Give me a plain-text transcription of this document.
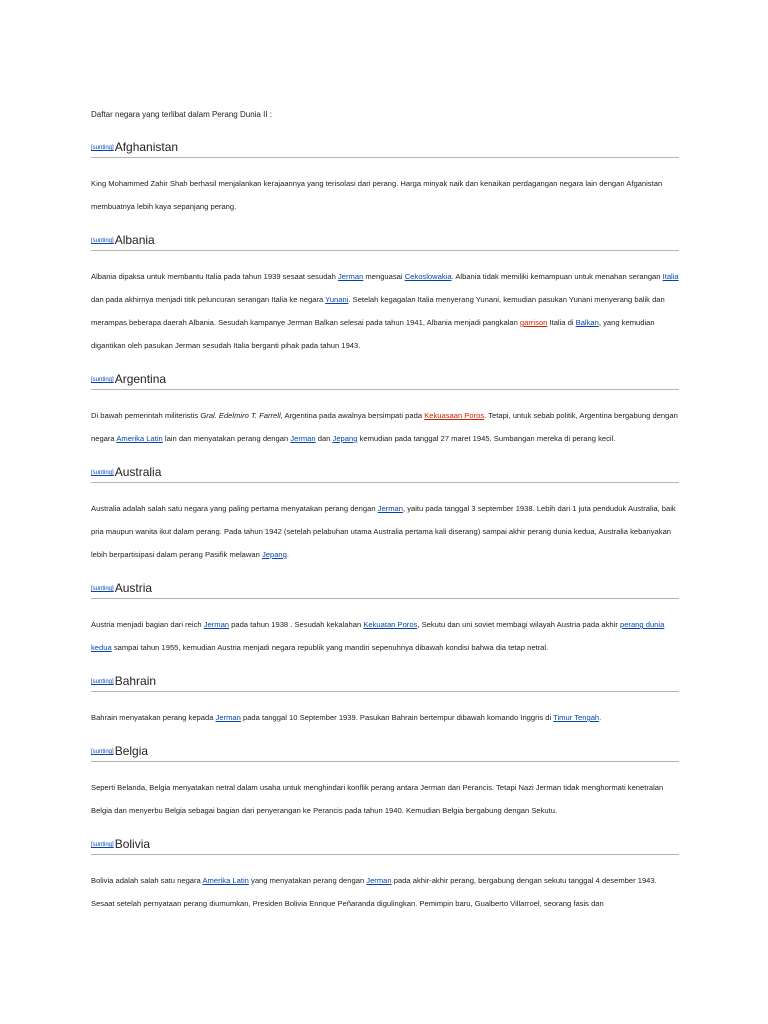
Daftar negara yang terlibat dalam Perang Dunia II :
[sunting] Afghanistan
King Mohammed Zahir Shah berhasil menjalankan kerajaannya yang terisolasi dari perang. Harga minyak naik dan kenaikan perdagangan negara lain dengan Afganistan membuatnya lebih kaya sepanjang perang.
[sunting] Albania
Albania dipaksa untuk membantu Italia pada tahun 1939 sesaat sesudah Jerman menguasai Cekoslowakia. Albania tidak memiliki kemampuan untuk menahan serangan Italia dan pada akhirnya menjadi titik peluncuran serangan Italia ke negara Yunani. Setelah kegagalan Italia menyerang Yunani, kemudian pasukan Yunani menyerang balik dan merampas beberapa daerah Albania. Sesudah kampanye Jerman Balkan selesai pada tahun 1941, Albania menjadi pangkalan garrison Italia di Balkan, yang kemudian digantikan oleh pasukan Jerman sesudah Italia berganti pihak pada tahun 1943.
[sunting] Argentina
Di bawah pemerintah militeristis Gral. Edelmiro T. Farrell, Argentina pada awalnya bersimpati pada Kekuasaan Poros. Tetapi, untuk sebab politik, Argentina bergabung dengan negara Amerika Latin lain dan menyatakan perang dengan Jerman dan Jepang kemudian pada tanggal 27 maret 1945. Sumbangan mereka di perang kecil.
[sunting] Australia
Australia adalah salah satu negara yang paling pertama menyatakan perang dengan Jerman, yaitu pada tanggal 3 september 1938. Lebih dari 1 juta penduduk Australia, baik pria maupun wanita ikut dalam perang. Pada tahun 1942 (setelah pelabuhan utama Australia pertama kali diserang) sampai akhir perang dunia kedua, Australia kebanyakan lebih berpartisipasi dalam perang Pasifik melawan Jepang.
[sunting] Austria
Austria menjadi bagian dari reich Jerman pada tahun 1938 . Sesudah kekalahan Kekuatan Poros, Sekutu dan uni soviet membagi wilayah Austria pada akhir perang dunia kedua sampai tahun 1955, kemudian Austria menjadi negara republik yang mandiri sepenuhnya dibawah kondisi bahwa dia tetap netral.
[sunting] Bahrain
Bahrain menyatakan perang kepada Jerman pada tanggal 10 September 1939. Pasukan Bahrain bertempur dibawah komando Inggris di Timur Tengah.
[sunting] Belgia
Seperti Belanda, Belgia menyatakan netral dalam usaha untuk menghindari konflik perang antara Jerman dan Perancis. Tetapi Nazi Jerman tidak menghormati kenetralan Belgia dan menyerbu Belgia sebagai bagian dari penyerangan ke Perancis pada tahun 1940. Kemudian Belgia bergabung dengan Sekutu.
[sunting] Bolivia
Bolivia adalah salah satu negara Amerika Latin yang menyatakan perang dengan Jerman pada akhir-akhir perang, bergabung dengan sekutu tanggal 4 desember 1943. Sesaat setelah pernyataan perang diumumkan, Presiden Bolivia Enrique Peñaranda digulingkan. Pemimpin baru, Gualberto Villarroel, seorang fasis dan
